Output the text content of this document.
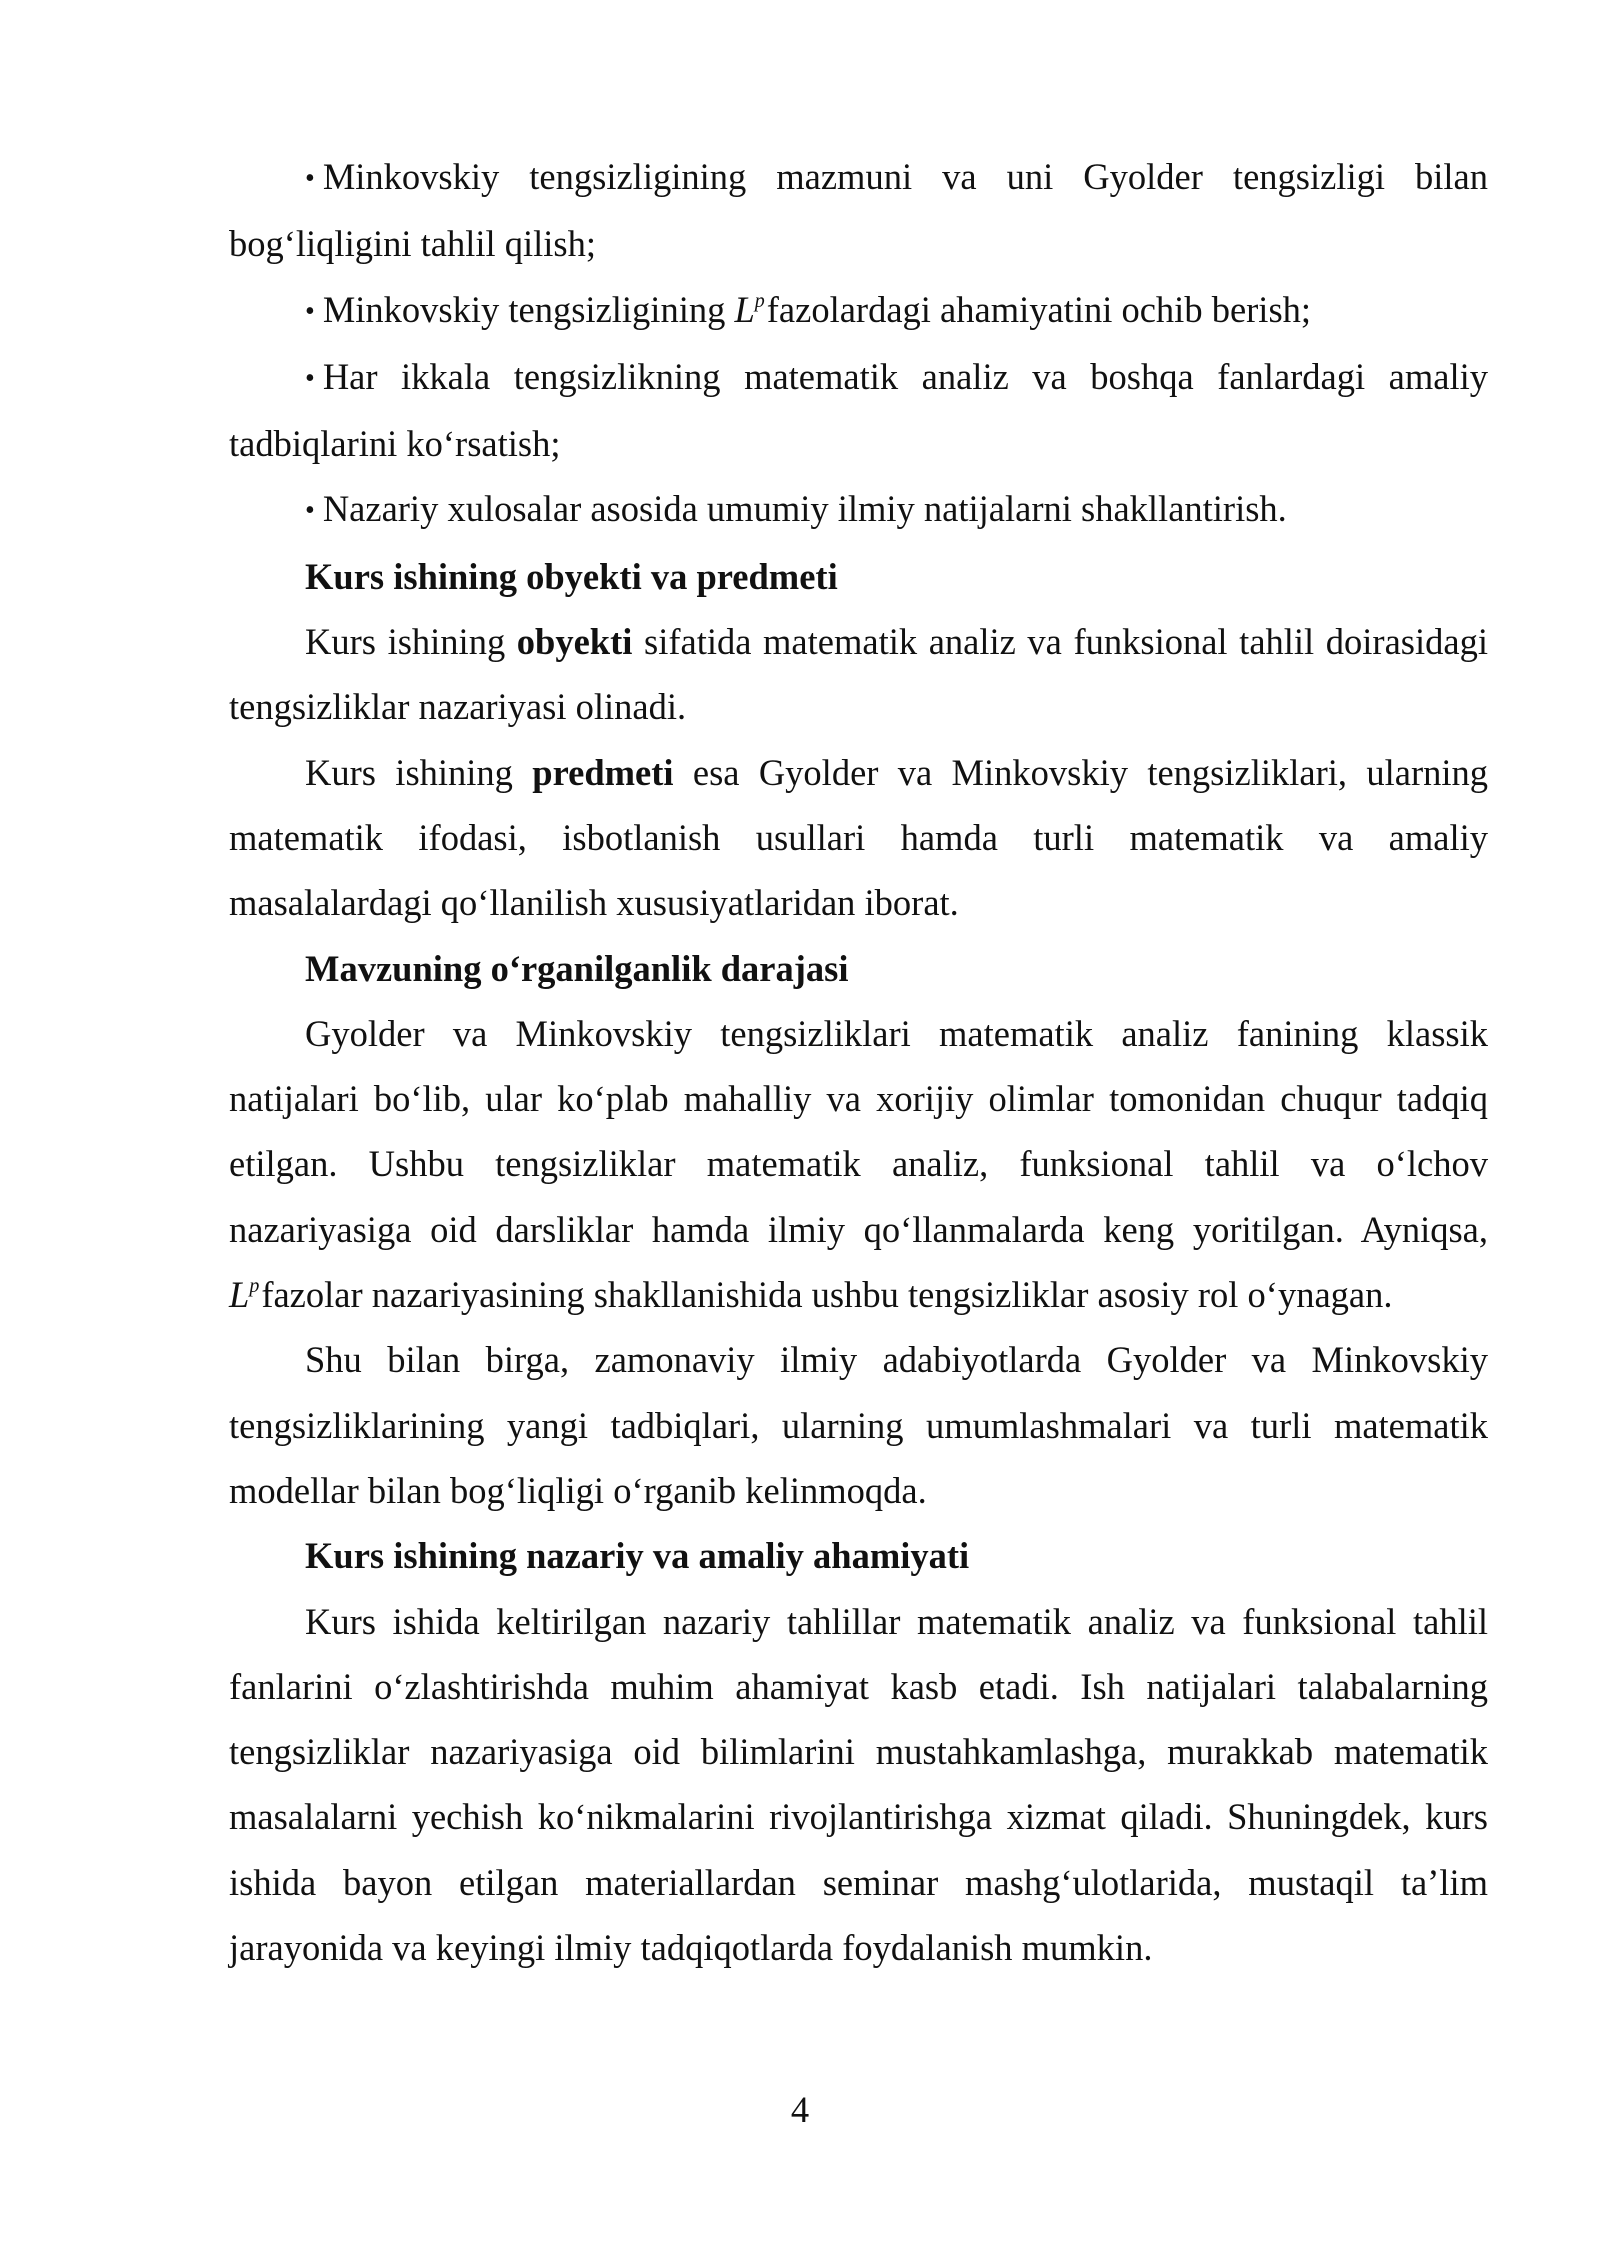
• Minkovskiy tengsizligining mazmuni va uni Gyolder tengsizligi bilan bog‘liqligini tahlil qilish;

• Minkovskiy tengsizligining $L^pfazolardagi$ ahamiyatini ochib berish;

• Har ikkala tengsizlikning matematik analiz va boshqa fanlardagi amaliy tadbiqlarini ko‘rsatish;

• Nazariy xulosalar asosida umumiy ilmiy natijalarni shakllantirish.

Kurs ishining obyekti va predmeti

Kurs ishining obyekti sifatida matematik analiz va funksional tahlil doirasidagi tengsizliklar nazariyasi olinadi.

Kurs ishining predmeti esa Gyolder va Minkovskiy tengsizliklari, ularning matematik ifodasi, isbotlanish usullari hamda turli matematik va amaliy masalalardagi qo‘llanilish xususiyatlaridan iborat.

Mavzuning o‘rganilganlik darajasi

Gyolder va Minkovskiy tengsizliklari matematik analiz fanining klassik natijalari bo‘lib, ular ko‘plab mahalliy va xorijiy olimlar tomonidan chuqur tadqiq etilgan. Ushbu tengsizliklar matematik analiz, funksional tahlil va o‘lchov nazariyasiga oid darsliklar hamda ilmiy qo‘llanmalarda keng yoritilgan. Ayniqsa, $L^pfazolar$ nazariyasining shakllanishida ushbu tengsizliklar asosiy rol o‘ynagan.

Shu bilan birga, zamonaviy ilmiy adabiyotlarda Gyolder va Minkovskiy tengsizliklarining yangi tadbiqlari, ularning umumlashmalari va turli matematik modellar bilan bog‘liqligi o‘rganib kelinmoqda.

Kurs ishining nazariy va amaliy ahamiyati

Kurs ishida keltirilgan nazariy tahlillar matematik analiz va funksional tahlil fanlarini o‘zlashtirishda muhim ahamiyat kasb etadi. Ish natijalari talabalarning tengsizliklar nazariyasiga oid bilimlarini mustahkamlashga, murakkab matematik masalalarni yechish ko‘nikmalarini rivojlantirishga xizmat qiladi. Shuningdek, kurs ishida bayon etilgan materiallardan seminar mashg‘ulotlarida, mustaqil ta’lim jarayonida va keyingi ilmiy tadqiqotlarda foydalanish mumkin.

4
